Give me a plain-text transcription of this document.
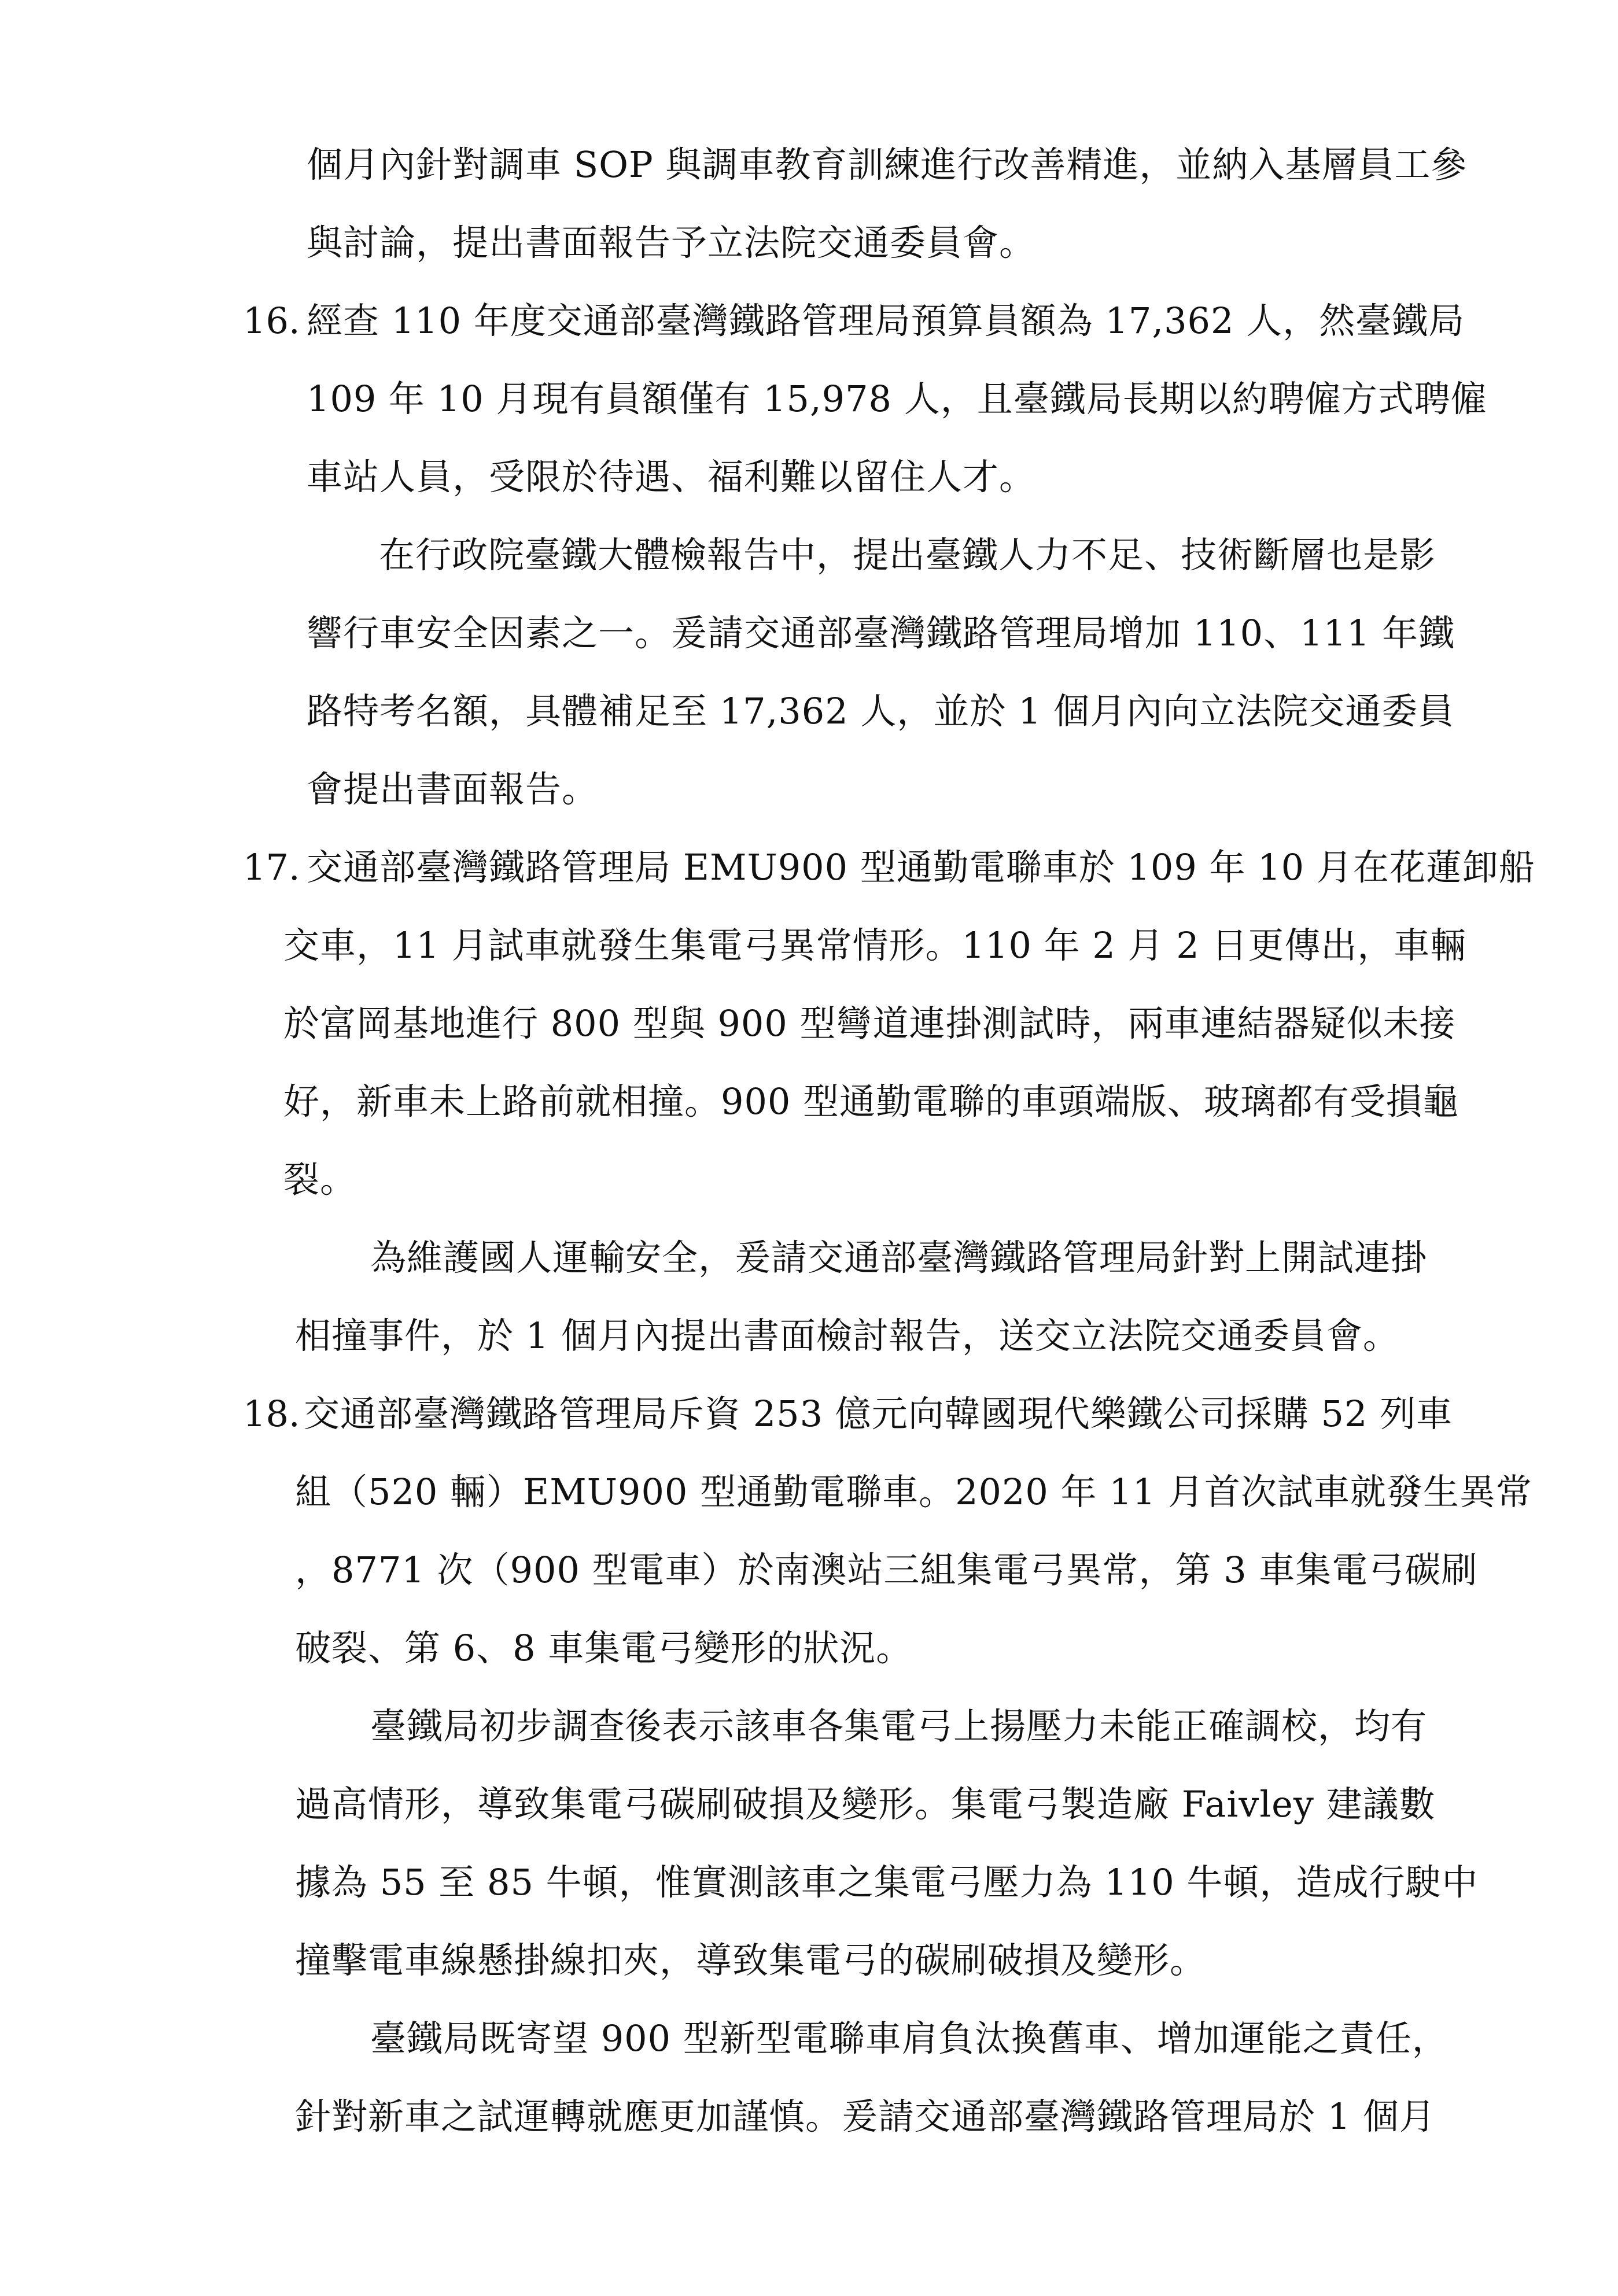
個月內針對調車 SOP 與調車教育訓練進行改善精進，並納入基層員工參
與討論，提出書面報告予立法院交通委員會。
16. 經查 110 年度交通部臺灣鐵路管理局預算員額為 17,362 人，然臺鐵局
109 年 10 月現有員額僅有 15,978 人，且臺鐵局長期以約聘僱方式聘僱
車站人員，受限於待遇、福利難以留住人才。
在行政院臺鐵大體檢報告中，提出臺鐵人力不足、技術斷層也是影
響行車安全因素之一。爰請交通部臺灣鐵路管理局增加 110、111 年鐵
路特考名額，具體補足至 17,362 人，並於 1 個月內向立法院交通委員
會提出書面報告。
17. 交通部臺灣鐵路管理局 EMU900 型通勤電聯車於 109 年 10 月在花蓮卸船
交車，11 月試車就發生集電弓異常情形。110 年 2 月 2 日更傳出，車輛
於富岡基地進行 800 型與 900 型彎道連掛測試時，兩車連結器疑似未接
好，新車未上路前就相撞。900 型通勤電聯的車頭端版、玻璃都有受損龜
裂。
為維護國人運輸安全，爰請交通部臺灣鐵路管理局針對上開試連掛
相撞事件，於 1 個月內提出書面檢討報告，送交立法院交通委員會。
18. 交通部臺灣鐵路管理局斥資 253 億元向韓國現代樂鐵公司採購 52 列車
組（520 輛）EMU900 型通勤電聯車。2020 年 11 月首次試車就發生異常
，8771 次（900 型電車）於南澳站三組集電弓異常，第 3 車集電弓碳刷
破裂、第 6、8 車集電弓變形的狀況。
臺鐵局初步調查後表示該車各集電弓上揚壓力未能正確調校，均有
過高情形，導致集電弓碳刷破損及變形。集電弓製造廠 Faivley 建議數
據為 55 至 85 牛頓，惟實測該車之集電弓壓力為 110 牛頓，造成行駛中
撞擊電車線懸掛線扣夾，導致集電弓的碳刷破損及變形。
臺鐵局既寄望 900 型新型電聯車肩負汰換舊車、增加運能之責任，
針對新車之試運轉就應更加謹慎。爰請交通部臺灣鐵路管理局於 1 個月
